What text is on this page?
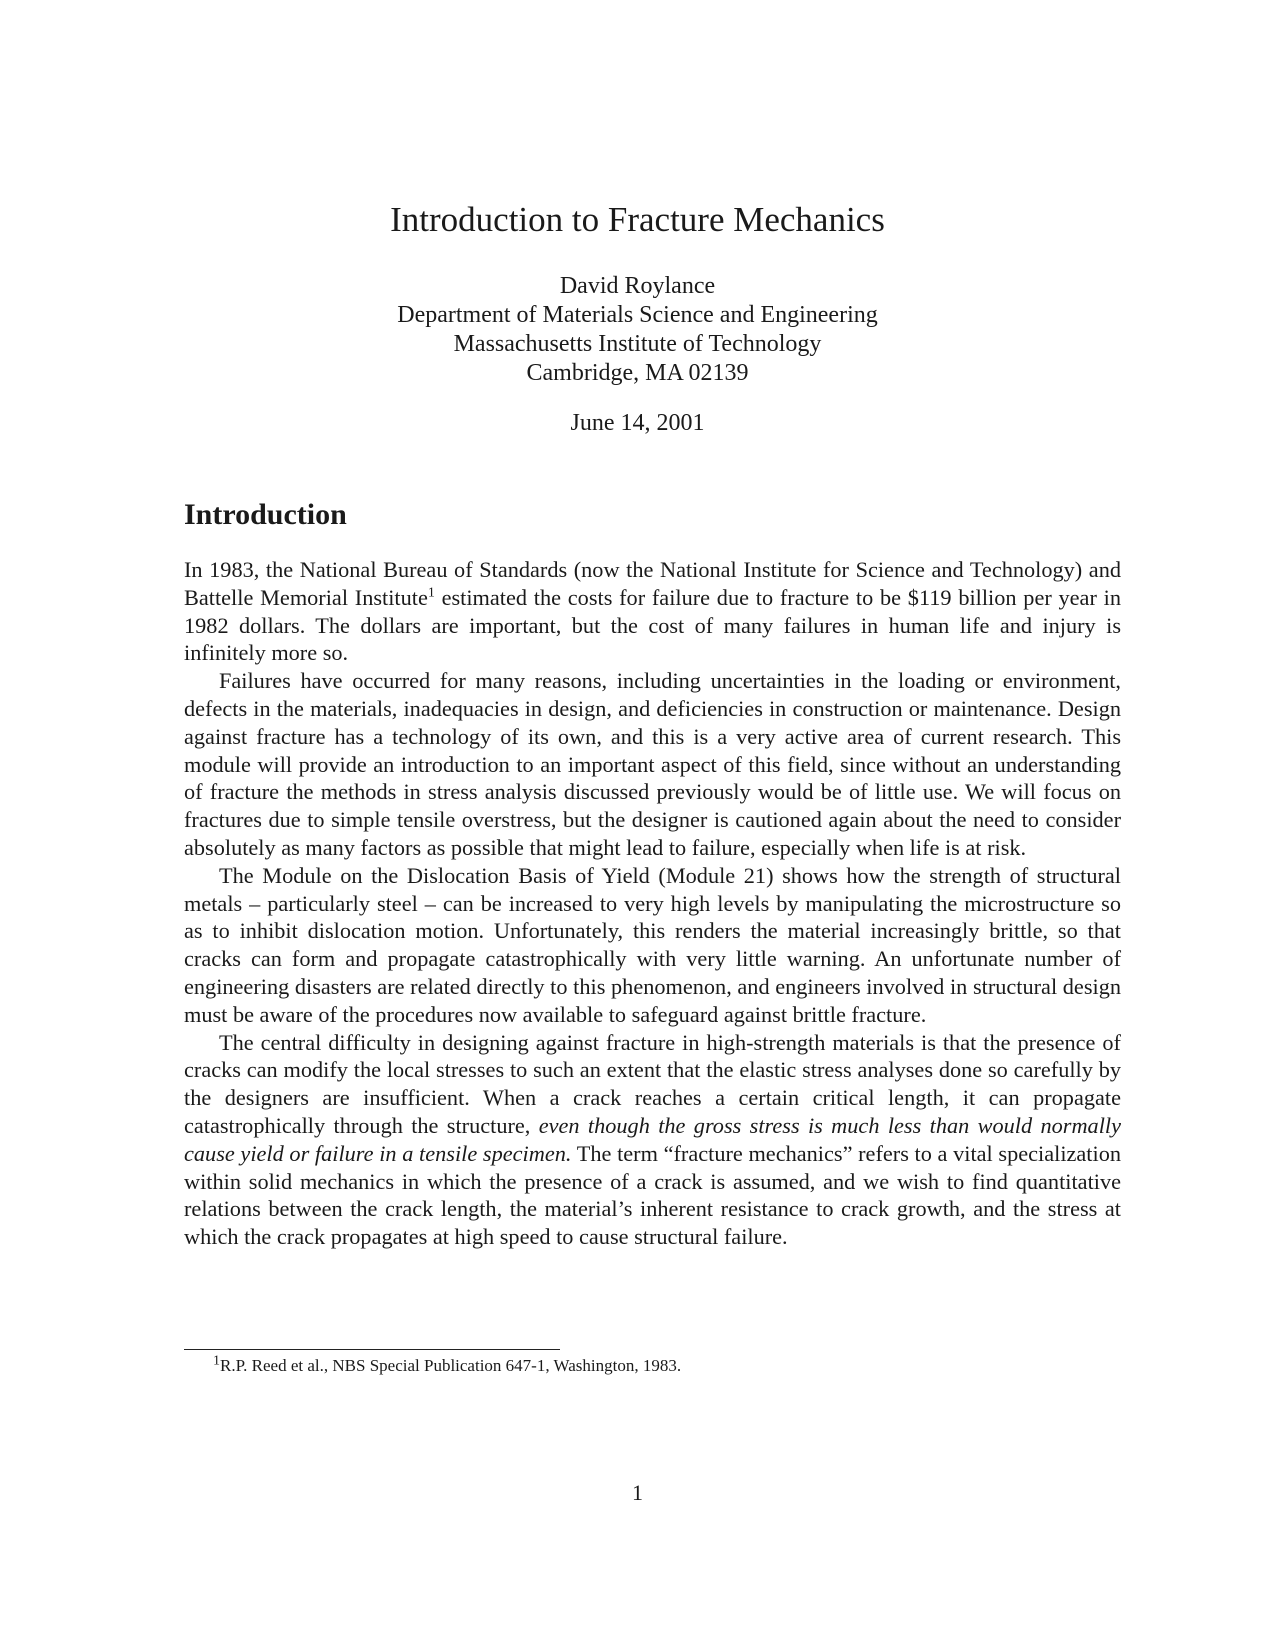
Introduction to Fracture Mechanics
David Roylance
Department of Materials Science and Engineering
Massachusetts Institute of Technology
Cambridge, MA 02139
June 14, 2001
Introduction

In 1983, the National Bureau of Standards (now the National Institute for Science and Technology) and Battelle Memorial Institute$^1$ estimated the costs for failure due to fracture to be $119 billion per year in 1982 dollars. The dollars are important, but the cost of many failures in human life and injury is infinitely more so.

Failures have occurred for many reasons, including uncertainties in the loading or environment, defects in the materials, inadequacies in design, and deficiencies in construction or maintenance. Design against fracture has a technology of its own, and this is a very active area of current research. This module will provide an introduction to an important aspect of this field, since without an understanding of fracture the methods in stress analysis discussed previously would be of little use. We will focus on fractures due to simple tensile overstress, but the designer is cautioned again about the need to consider absolutely as many factors as possible that might lead to failure, especially when life is at risk.

The Module on the Dislocation Basis of Yield (Module 21) shows how the strength of structural metals – particularly steel – can be increased to very high levels by manipulating the microstructure so as to inhibit dislocation motion. Unfortunately, this renders the material increasingly brittle, so that cracks can form and propagate catastrophically with very little warning. An unfortunate number of engineering disasters are related directly to this phenomenon, and engineers involved in structural design must be aware of the procedures now available to safeguard against brittle fracture.

The central difficulty in designing against fracture in high-strength materials is that the presence of cracks can modify the local stresses to such an extent that the elastic stress analyses done so carefully by the designers are insufficient. When a crack reaches a certain critical length, it can propagate catastrophically through the structure, even though the gross stress is much less than would normally cause yield or failure in a tensile specimen. The term “fracture mechanics” refers to a vital specialization within solid mechanics in which the presence of a crack is assumed, and we wish to find quantitative relations between the crack length, the material’s inherent resistance to crack growth, and the stress at which the crack propagates at high speed to cause structural failure.

$^1$R.P. Reed et al., NBS Special Publication 647-1, Washington, 1983.
1
